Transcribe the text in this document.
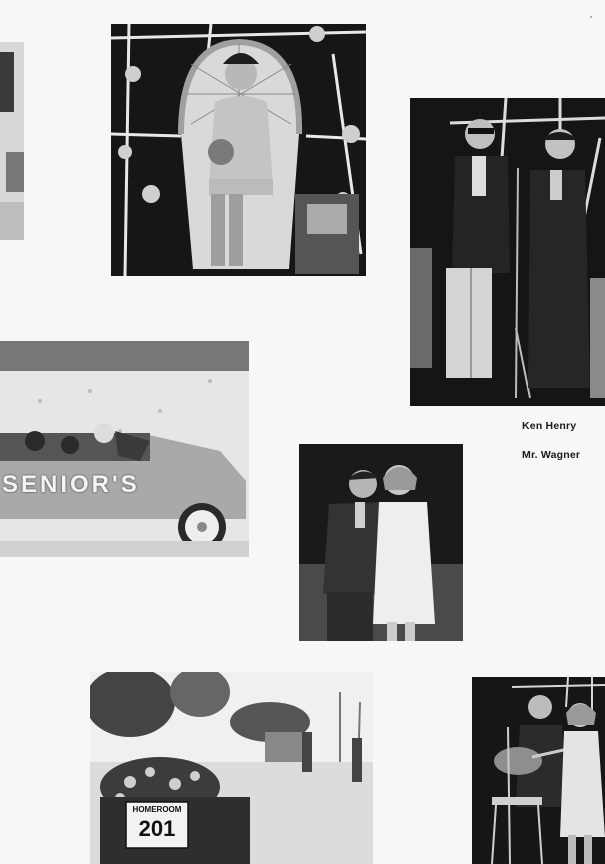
Ken Henry
Mr. Wagner
SENIOR'S
HOMEROOM
201
